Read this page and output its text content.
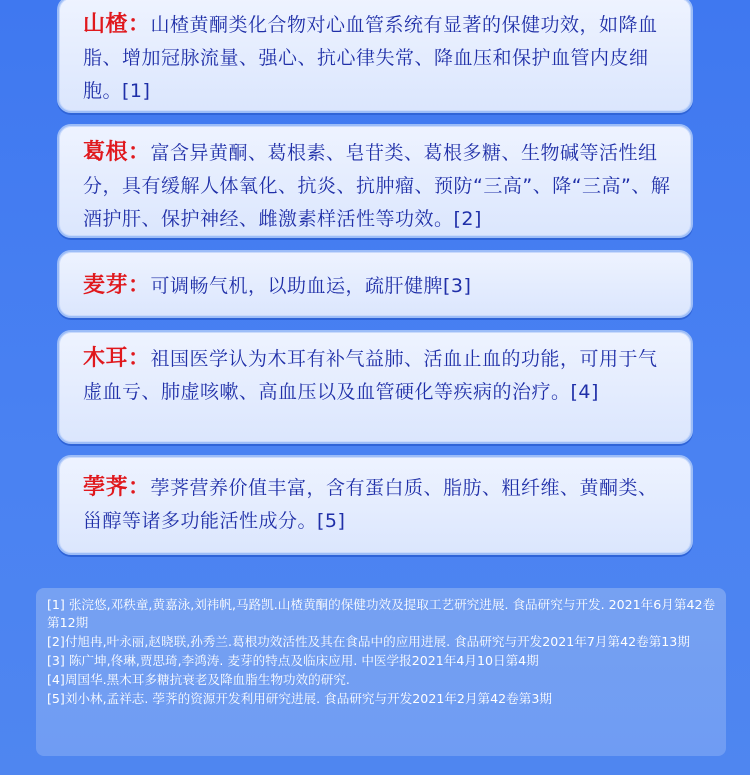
山楂：山楂黄酮类化合物对心血管系统有显著的保健功效，如降血脂、增加冠脉流量、强心、抗心律失常、降血压和保护血管内皮细胞。[1]
葛根：富含异黄酮、葛根素、皂苷类、葛根多糖、生物碱等活性组分，具有缓解人体氧化、抗炎、抗肿瘤、预防“三高”、降“三高”、解酒护肝、保护神经、雌激素样活性等功效。[2]
麦芽：可调畅气机，以助血运，疏肝健脾[3]
木耳：祖国医学认为木耳有补气益肺、活血止血的功能，可用于气虚血亏、肺虚咳嗽、高血压以及血管硬化等疾病的治疗。[4]
荸荠：荸荠营养价值丰富，含有蛋白质、脂肪、粗纤维、黄酮类、甾醇等诸多功能活性成分。[5]

[1] 张浣悠,邓秩童,黄嘉泳,刘祎帆,马路凯.山楂黄酮的保健功效及提取工艺研究进展. 食品研究与开发. 2021年6月第42卷第12期

[2]付旭冉,叶永丽,赵晓联,孙秀兰.葛根功效活性及其在食品中的应用进展. 食品研究与开发2021年7月第42卷第13期

[3] 陈广坤,佟琳,贾思琦,李鸿涛. 麦芽的特点及临床应用. 中医学报2021年4月10日第4期

[4]周国华.黑木耳多糖抗衰老及降血脂生物功效的研究.

[5]刘小林,孟祥志. 荸荠的资源开发利用研究进展. 食品研究与开发2021年2月第42卷第3期
